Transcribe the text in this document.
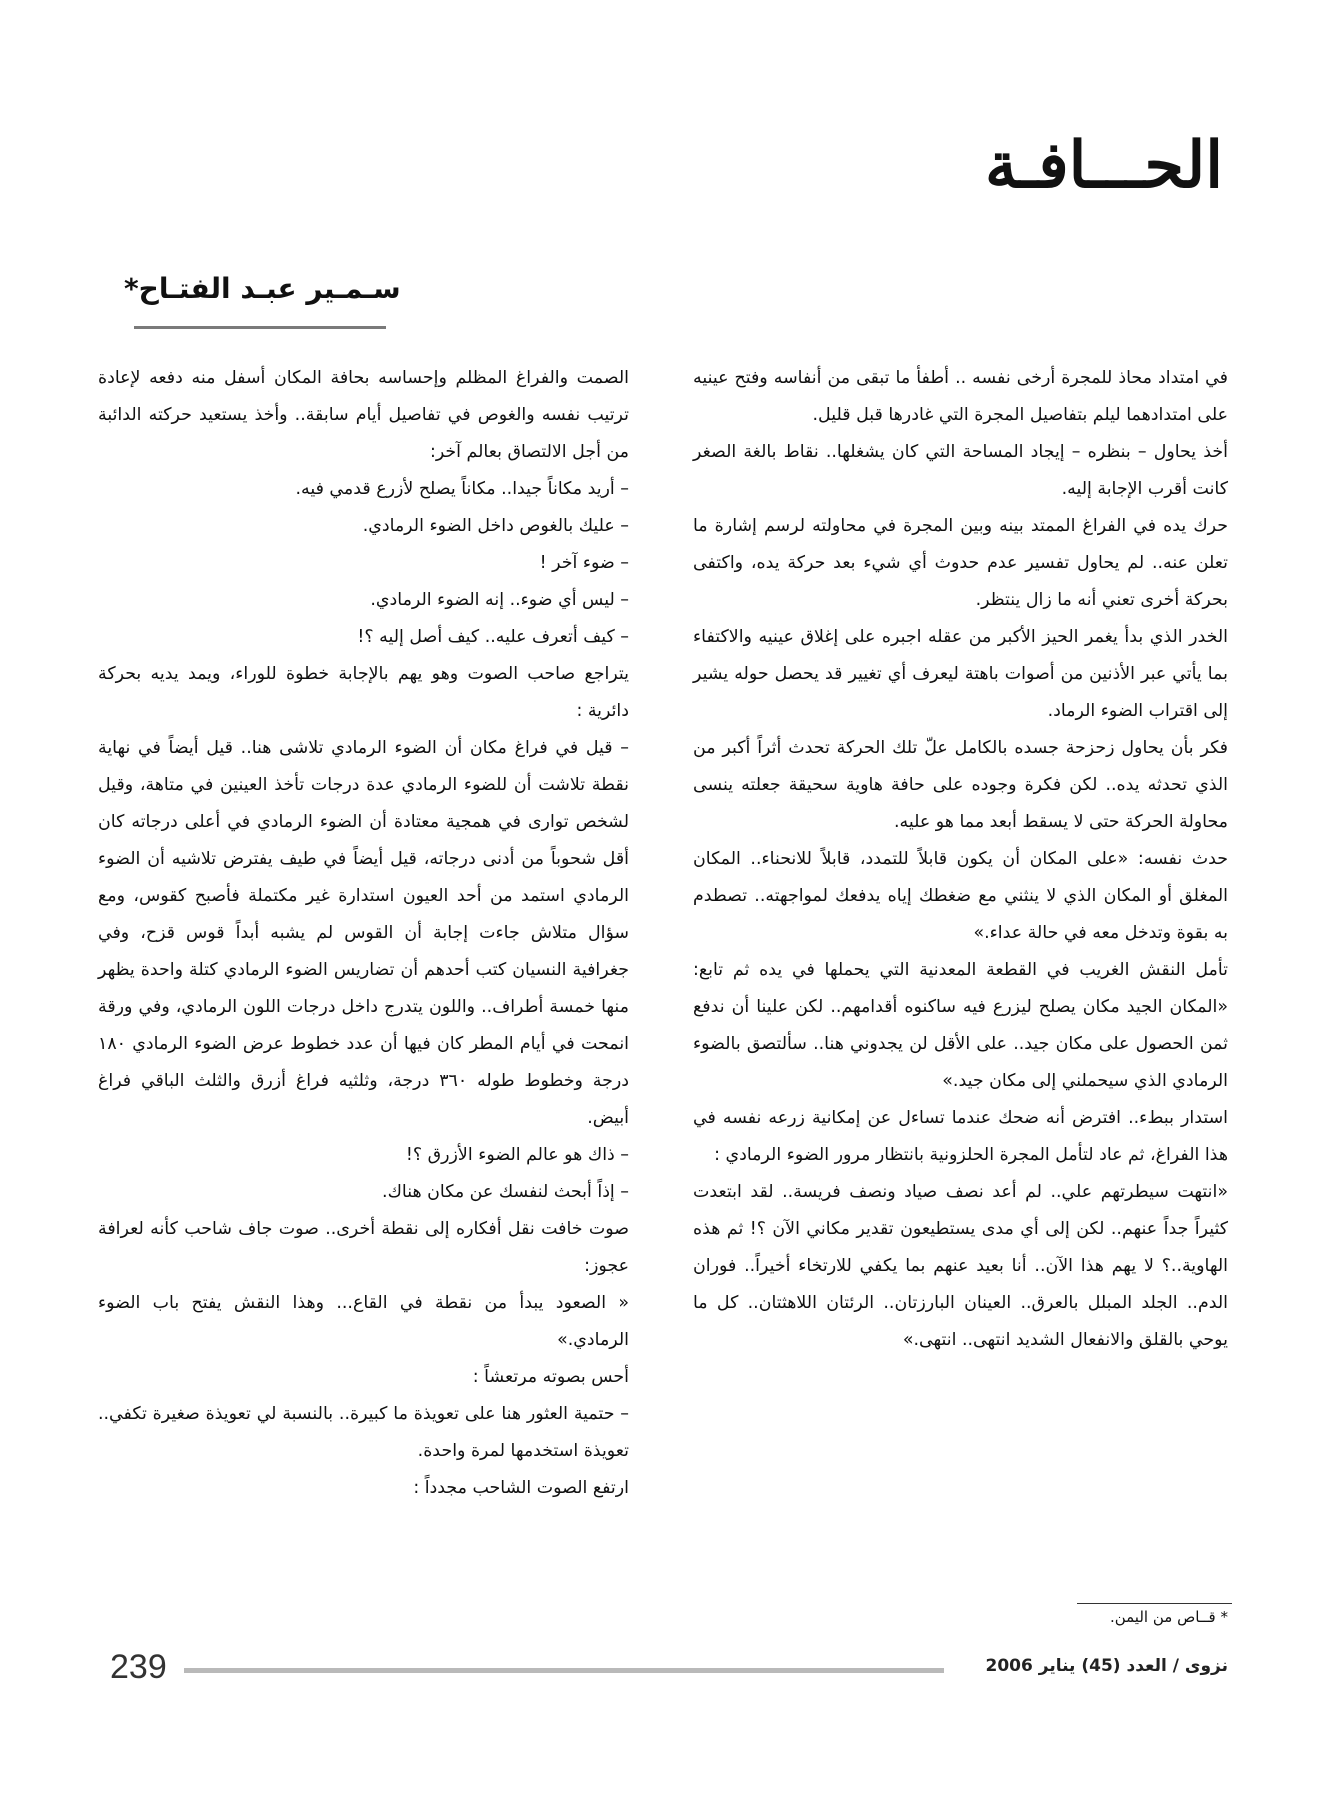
الحـــافـة
سـمـير عبـد الفتـاح*

في امتداد محاذ للمجرة أرخى نفسه .. أطفأ ما تبقى من أنفاسه وفتح عينيه على امتدادهما ليلم بتفاصيل المجرة التي غادرها قبل قليل.

أخذ يحاول – بنظره – إيجاد المساحة التي كان يشغلها.. نقاط بالغة الصغر كانت أقرب الإجابة إليه.

حرك يده في الفراغ الممتد بينه وبين المجرة في محاولته لرسم إشارة ما تعلن عنه.. لم يحاول تفسير عدم حدوث أي شيء بعد حركة يده، واكتفى بحركة أخرى تعني أنه ما زال ينتظر.

الخدر الذي بدأ يغمر الحيز الأكبر من عقله اجبره على إغلاق عينيه والاكتفاء بما يأتي عبر الأذنين من أصوات باهتة ليعرف أي تغيير قد يحصل حوله يشير إلى اقتراب الضوء الرماد.

فكر بأن يحاول زحزحة جسده بالكامل علّ تلك الحركة تحدث أثراً أكبر من الذي تحدثه يده.. لكن فكرة وجوده على حافة هاوية سحيقة جعلته ينسى محاولة الحركة حتى لا يسقط أبعد مما هو عليه.

حدث نفسه: «على المكان أن يكون قابلاً للتمدد، قابلاً للانحناء.. المكان المغلق أو المكان الذي لا ينثني مع ضغطك إياه يدفعك لمواجهته.. تصطدم به بقوة وتدخل معه في حالة عداء.»

تأمل النقش الغريب في القطعة المعدنية التي يحملها في يده ثم تابع: «المكان الجيد مكان يصلح ليزرع فيه ساكنوه أقدامهم.. لكن علينا أن ندفع ثمن الحصول على مكان جيد.. على الأقل لن يجدوني هنا.. سألتصق بالضوء الرمادي الذي سيحملني إلى مكان جيد.»

استدار ببطء.. افترض أنه ضحك عندما تساءل عن إمكانية زرعه نفسه في هذا الفراغ، ثم عاد لتأمل المجرة الحلزونية بانتظار مرور الضوء الرمادي :

«انتهت سيطرتهم علي.. لم أعد نصف صياد ونصف فريسة.. لقد ابتعدت كثيراً جداً عنهم.. لكن إلى أي مدى يستطيعون تقدير مكاني الآن ؟! ثم هذه الهاوية..؟ لا يهم هذا الآن.. أنا بعيد عنهم بما يكفي للارتخاء أخيراً.. فوران الدم.. الجلد المبلل بالعرق.. العينان البارزتان.. الرئتان اللاهثتان.. كل ما يوحي بالقلق والانفعال الشديد انتهى.. انتهى.»

الصمت والفراغ المظلم وإحساسه بحافة المكان أسفل منه دفعه لإعادة ترتيب نفسه والغوص في تفاصيل أيام سابقة.. وأخذ يستعيد حركته الدائبة من أجل الالتصاق بعالم آخر:

– أريد مكاناً جيدا.. مكاناً يصلح لأزرع قدمي فيه.

– عليك بالغوص داخل الضوء الرمادي.

– ضوء آخر !

– ليس أي ضوء.. إنه الضوء الرمادي.

– كيف أتعرف عليه.. كيف أصل إليه ؟!

يتراجع صاحب الصوت وهو يهم بالإجابة خطوة للوراء، ويمد يديه بحركة دائرية :

– قيل في فراغ مكان أن الضوء الرمادي تلاشى هنا.. قيل أيضاً في نهاية نقطة تلاشت أن للضوء الرمادي عدة درجات تأخذ العينين في متاهة، وقيل لشخص توارى في همجية معتادة أن الضوء الرمادي في أعلى درجاته كان أقل شحوباً من أدنى درجاته، قيل أيضاً في طيف يفترض تلاشيه أن الضوء الرمادي استمد من أحد العيون استدارة غير مكتملة فأصبح كقوس، ومع سؤال متلاش جاءت إجابة أن القوس لم يشبه أبداً قوس قزح، وفي جغرافية النسيان كتب أحدهم أن تضاريس الضوء الرمادي كتلة واحدة يظهر منها خمسة أطراف.. واللون يتدرج داخل درجات اللون الرمادي، وفي ورقة انمحت في أيام المطر كان فيها أن عدد خطوط عرض الضوء الرمادي ١٨٠ درجة وخطوط طوله ٣٦٠ درجة، وثلثيه فراغ أزرق والثلث الباقي فراغ أبيض.

– ذاك هو عالم الضوء الأزرق ؟!

– إذاً أبحث لنفسك عن مكان هناك.

صوت خافت نقل أفكاره إلى نقطة أخرى.. صوت جاف شاحب كأنه لعرافة عجوز:

« الصعود يبدأ من نقطة في القاع... وهذا النقش يفتح باب الضوء الرمادي.»

أحس بصوته مرتعشاً :

– حتمية العثور هنا على تعويذة ما كبيرة.. بالنسبة لي تعويذة صغيرة تكفي.. تعويذة استخدمها لمرة واحدة.

ارتفع الصوت الشاحب مجدداً :

* قــاص من اليمن.
239	نزوى / العدد (45) يناير 2006
